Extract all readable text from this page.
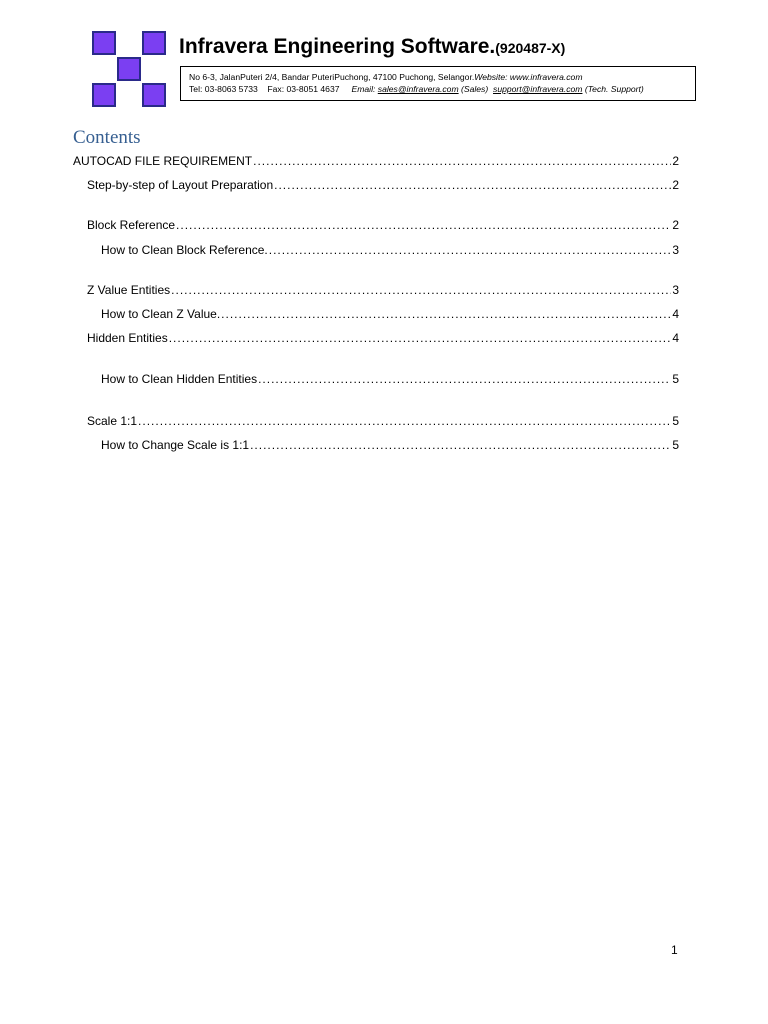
Infravera Engineering Software.(920487-X)
No 6-3, JalanPuteri 2/4, Bandar PuteriPuchong, 47100 Puchong, Selangor.Website: www.infravera.com
Tel: 03-8063 5733 Fax: 03-8051 4637 Email: sales@infravera.com (Sales) support@infravera.com (Tech. Support)
Contents
AUTOCAD FILE REQUIREMENT .....	2
Step-by-step of Layout Preparation .....	2
Block Reference .....	2
How to Clean Block Reference. .....	3
Z Value Entities .....	3
How to Clean Z Value. .....	4
Hidden Entities .....	4
How to Clean Hidden Entities .....	5
Scale 1:1 .....	5
How to Change Scale is 1:1 .....	5
1
